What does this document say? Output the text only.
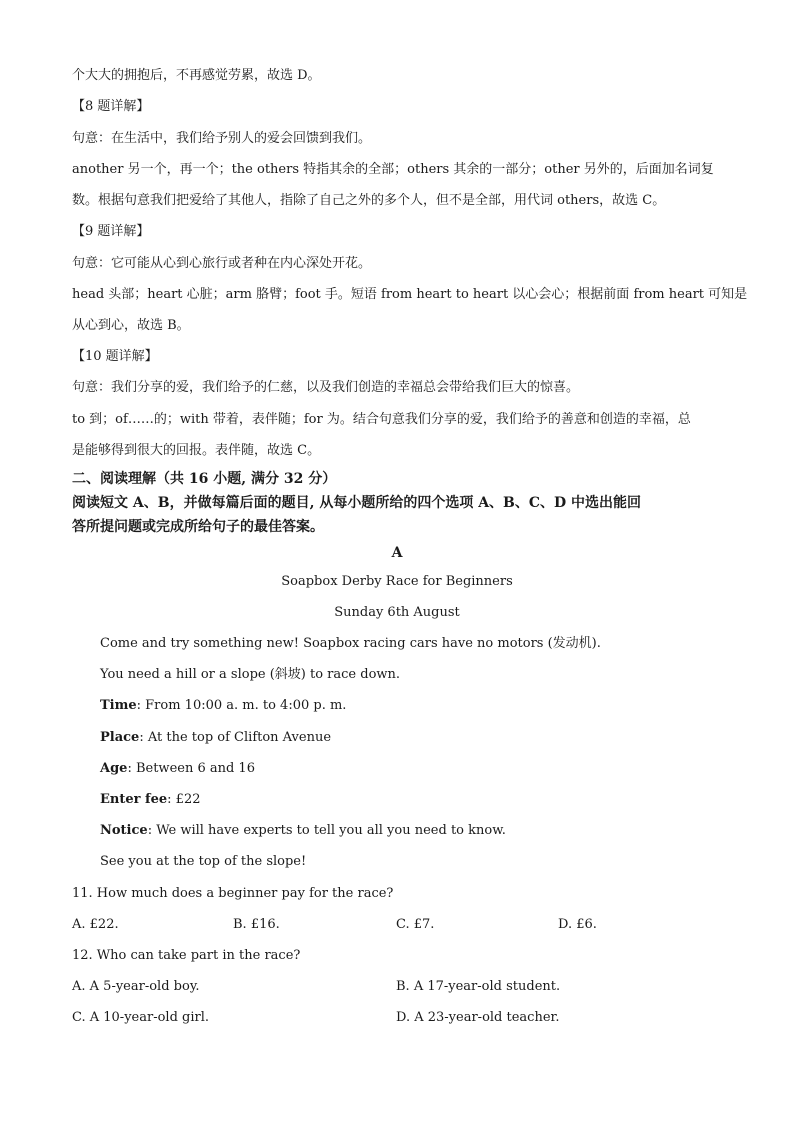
个大大的拥抱后，不再感觉劳累，故选 D。
【8 题详解】
句意：在生活中，我们给予别人的爱会回馈到我们。
another 另一个，再一个；the others 特指其余的全部；others 其余的一部分；other 另外的，后面加名词复
数。根据句意我们把爱给了其他人，指除了自己之外的多个人，但不是全部，用代词 others，故选 C。
【9 题详解】
句意：它可能从心到心旅行或者种在内心深处开花。
head 头部；heart 心脏；arm 胳臂；foot 手。短语 from heart to heart 以心会心；根据前面 from heart 可知是
从心到心，故选 B。
【10 题详解】
句意：我们分享的爱，我们给予的仁慈，以及我们创造的幸福总会带给我们巨大的惊喜。
to 到；of……的；with 带着，表伴随；for 为。结合句意我们分享的爱，我们给予的善意和创造的幸福，总
是能够得到很大的回报。表伴随，故选 C。
二、阅读理解（共 16 小题, 满分 32 分）
阅读短文 A、B，并做每篇后面的题目, 从每小题所给的四个选项 A、B、C、D 中选出能回
答所提问题或完成所给句子的最佳答案。
A
Soapbox Derby Race for Beginners
Sunday 6th August
Come and try something new! Soapbox racing cars have no motors (发动机).
You need a hill or a slope (斜坡) to race down.
Time: From 10:00 a. m. to 4:00 p. m.
Place: At the top of Clifton Avenue
Age: Between 6 and 16
Enter fee: £22
Notice: We will have experts to tell you all you need to know.
See you at the top of the slope!
11. How much does a beginner pay for the race?
A. £22.	B. £16.	C. £7.	D. £6.
12. Who can take part in the race?
A. A 5-year-old boy.	B. A 17-year-old student.
C. A 10-year-old girl.	D. A 23-year-old teacher.
